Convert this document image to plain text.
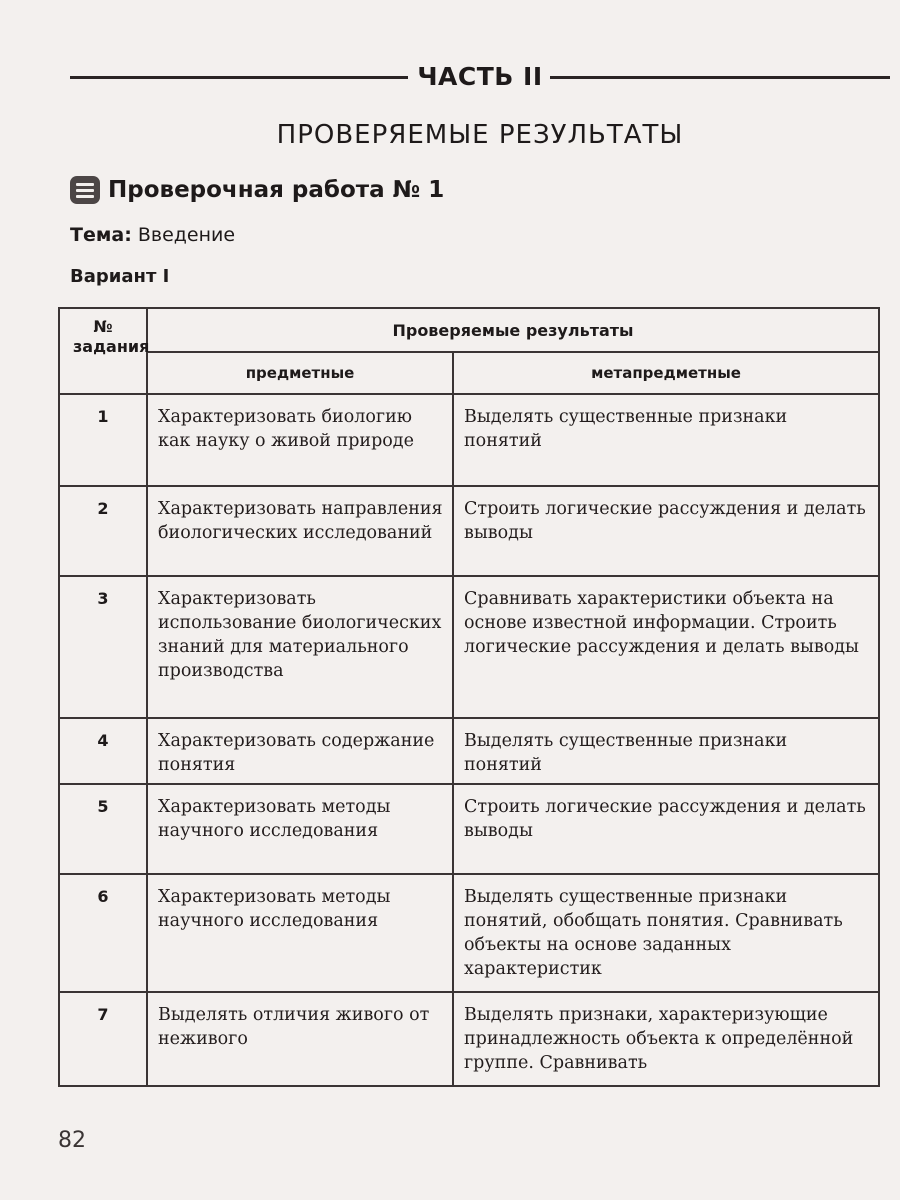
ЧАСТЬ II
ПРОВЕРЯЕМЫЕ РЕЗУЛЬТАТЫ
Проверочная работа № 1
Тема: Введение
Вариант I
№ задания	Проверяемые результаты	
	предметные	метапредметные
1	Характеризовать биологию как науку о живой природе	Выделять существенные признаки понятий
2	Характеризовать направления биологических исследований	Строить логические рассуждения и делать выводы
3	Характеризовать использование биологических знаний для материального производства	Сравнивать характеристики объекта на основе известной информации. Строить логические рассуждения и делать выводы
4	Характеризовать содержание понятия	Выделять существенные признаки понятий
5	Характеризовать методы научного исследования	Строить логические рассуждения и делать выводы
6	Характеризовать методы научного исследования	Выделять существенные признаки понятий, обобщать понятия. Сравнивать объекты на основе заданных характеристик
7	Выделять отличия живого от неживого	Выделять признаки, характеризующие принадлежность объекта к определённой группе. Сравнивать
82
